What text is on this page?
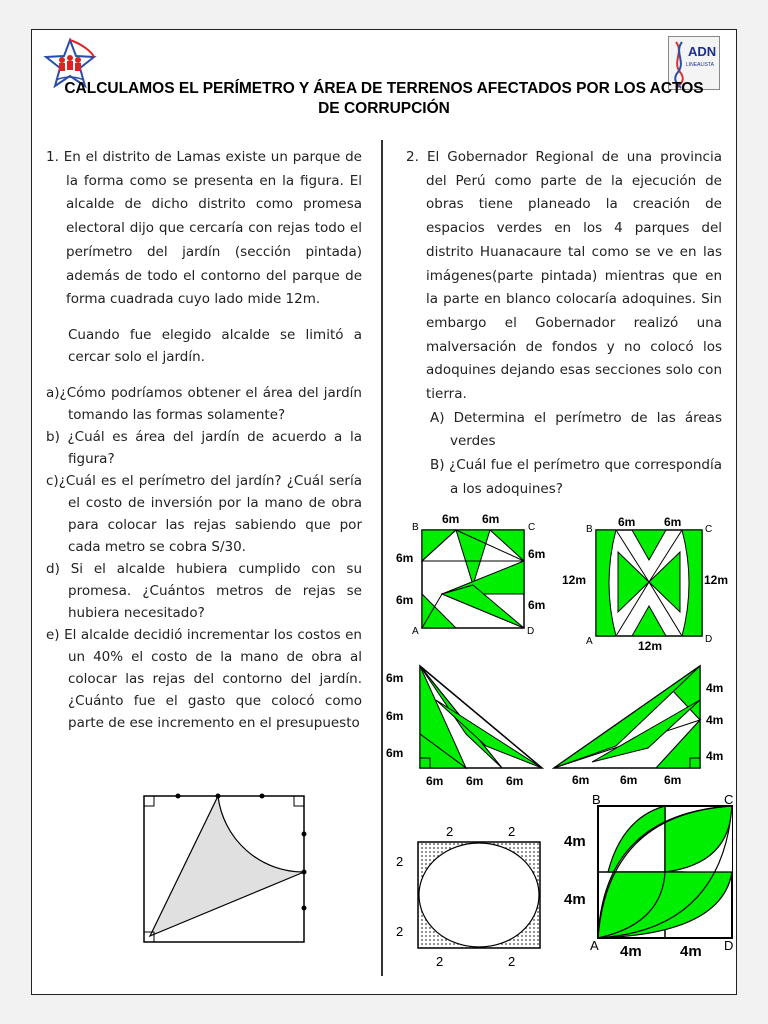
ADN
LINEALISTA
CALCULAMOS EL PERÍMETRO Y ÁREA DE TERRENOS AFECTADOS POR LOS ACTOS DE CORRUPCIÓN

1. En el distrito de Lamas existe un parque de la forma como se presenta en la figura. El alcalde de dicho distrito como promesa electoral dijo que cercaría con rejas todo el perímetro del jardín (sección pintada) además de todo el contorno del parque de forma cuadrada cuyo lado mide 12m.

Cuando fue elegido alcalde se limitó a cercar solo el jardín.

a)¿Cómo podríamos obtener el área del jardín tomando las formas solamente?

b) ¿Cuál es área del jardín de acuerdo a la figura?

c)¿Cuál es el perímetro del jardín? ¿Cuál sería el costo de inversión por la mano de obra para colocar las rejas sabiendo que por cada metro se cobra S/30.

d) Si el alcalde hubiera cumplido con su promesa. ¿Cuántos metros de rejas se hubiera necesitado?

e) El alcalde decidió incrementar los costos en un 40% el costo de la mano de obra al colocar las rejas del contorno del jardín. ¿Cuánto fue el gasto que colocó como parte de ese incremento en el presupuesto

2. El Gobernador Regional de una provincia del Perú como parte de la ejecución de obras tiene planeado la creación de espacios verdes en los 4 parques del distrito Huanacaure tal como se ve en las imágenes(parte pintada) mientras que en la parte en blanco colocaría adoquines. Sin embargo el Gobernador realizó una malversación de fondos y no colocó los adoquines dejando esas secciones solo con tierra.

A) Determina el perímetro de las áreas verdes

B) ¿Cuál fue el perímetro que correspondía a los adoquines?

B	C
A	D
6m 6m
6m
6m
6m
6m
B	C
A	D
6m 6m
12m	12m
12m
6m
6m
6m
6m 6m 6m
4m
4m
4m
6m	6m 6m
2	2
2
2
2	2
B	C
A	D
4m
4m
4m	4m
